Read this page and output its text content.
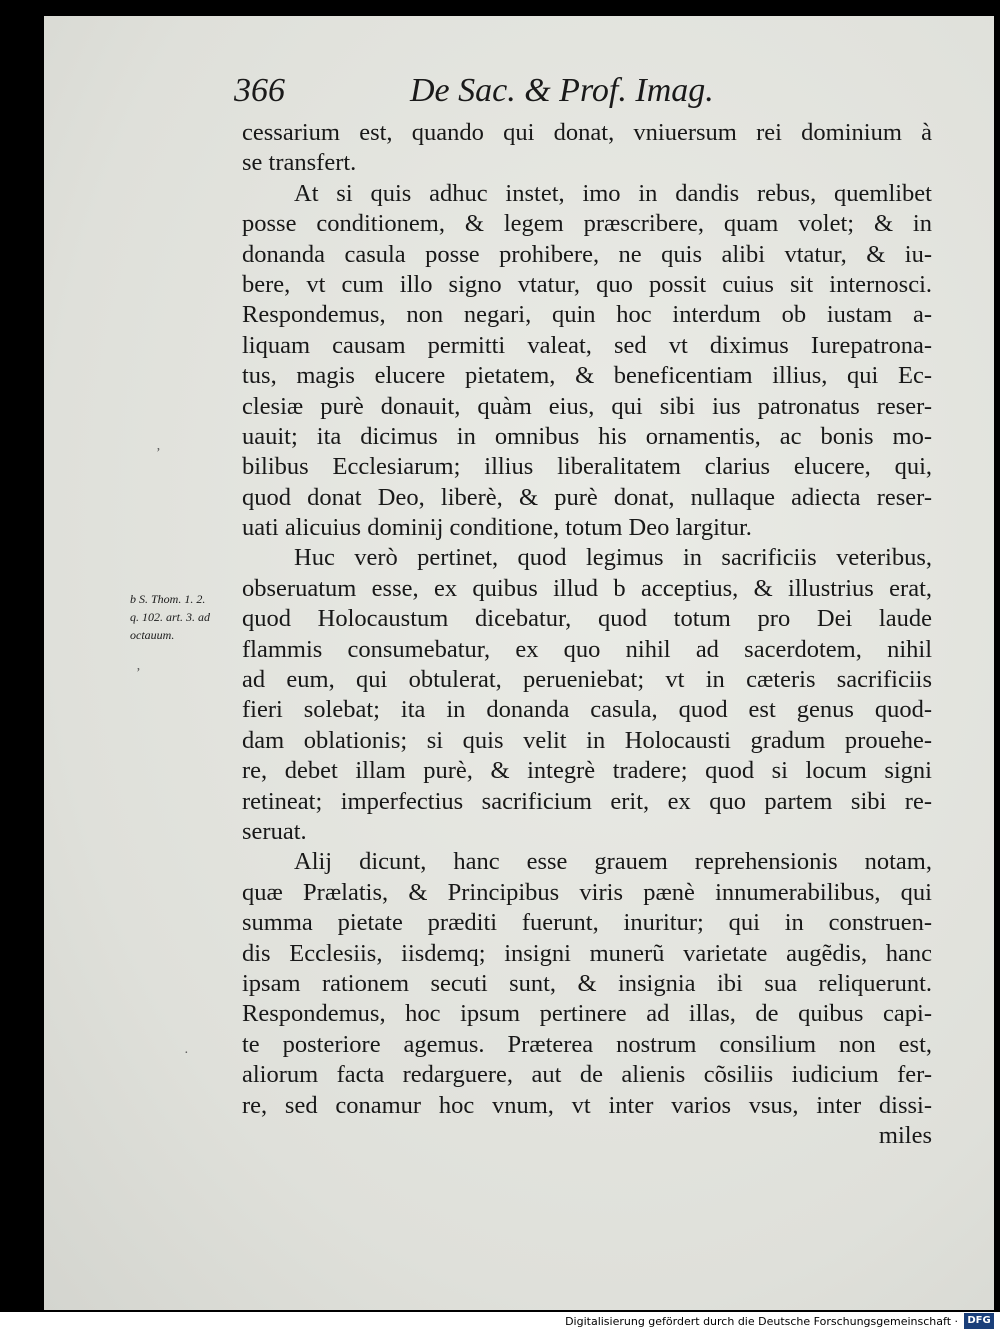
366	De Sac. & Prof. Imag.
b S. Thom. 1. 2.
q. 102. art. 3. ad
octauum.
ʼ
ʼ
·
cessarium est, quando qui donat, vniuersum rei dominium à
se transfert.
At si quis adhuc instet, imo in dandis rebus, quemlibet
posse conditionem, & legem præscribere, quam volet; & in
donanda casula posse prohibere, ne quis alibi vtatur, & iu-
bere, vt cum illo signo vtatur, quo possit cuius sit internosci.
Respondemus, non negari, quin hoc interdum ob iustam a-
liquam causam permitti valeat, sed vt diximus Iurepatrona-
tus, magis elucere pietatem, & beneficentiam illius, qui Ec-
clesiæ purè donauit, quàm eius, qui sibi ius patronatus reser-
uauit; ita dicimus in omnibus his ornamentis, ac bonis mo-
bilibus Ecclesiarum; illius liberalitatem clarius elucere, qui,
quod donat Deo, liberè, & purè donat, nullaque adiecta reser-
uati alicuius dominij conditione, totum Deo largitur.
Huc verò pertinet, quod legimus in sacrificiis veteribus,
obseruatum esse, ex quibus illud b acceptius, & illustrius erat,
quod Holocaustum dicebatur, quod totum pro Dei laude
flammis consumebatur, ex quo nihil ad sacerdotem, nihil
ad eum, qui obtulerat, perueniebat; vt in cæteris sacrificiis
fieri solebat; ita in donanda casula, quod est genus quod-
dam oblationis; si quis velit in Holocausti gradum prouehe-
re, debet illam purè, & integrè tradere; quod si locum signi
retineat; imperfectius sacrificium erit, ex quo partem sibi re-
seruat.
Alij dicunt, hanc esse grauem reprehensionis notam,
quæ Prælatis, & Principibus viris pænè innumerabilibus, qui
summa pietate præditi fuerunt, inuritur; qui in construen-
dis Ecclesiis, iisdemq; insigni munerũ varietate augẽdis, hanc
ipsam rationem secuti sunt, & insignia ibi sua reliquerunt.
Respondemus, hoc ipsum pertinere ad illas, de quibus capi-
te posteriore agemus. Præterea nostrum consilium non est,
aliorum facta redarguere, aut de alienis cõsiliis iudicium fer-
re, sed conamur hoc vnum, vt inter varios vsus, inter dissi-
miles
Digitalisierung gefördert durch die Deutsche Forschungsgemeinschaft · DFG
